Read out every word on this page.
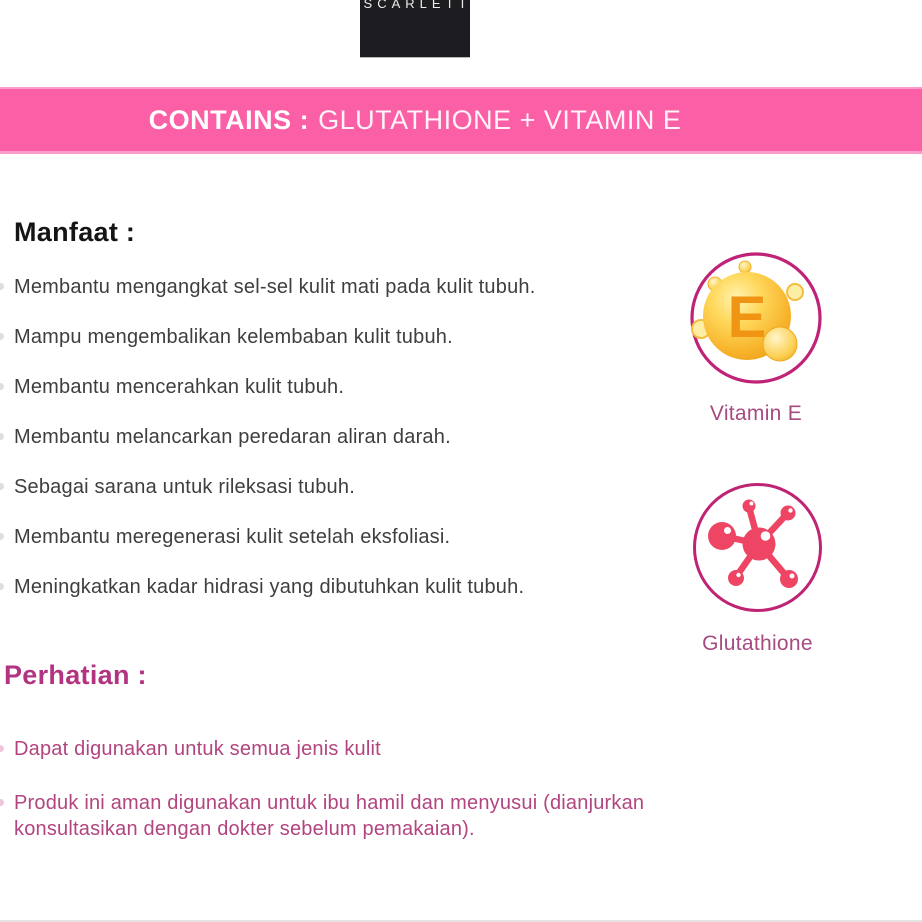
SCARLETT
CONTAINS : GLUTATHIONE + VITAMIN E
Manfaat :
Membantu mengangkat sel-sel kulit mati pada kulit tubuh.
Mampu mengembalikan kelembaban kulit tubuh.
Membantu mencerahkan kulit tubuh.
Membantu melancarkan peredaran aliran darah.
Sebagai sarana untuk rileksasi tubuh.
Membantu meregenerasi kulit setelah eksfoliasi.
Meningkatkan kadar hidrasi yang dibutuhkan kulit tubuh.
E
Vitamin E
Glutathione
Perhatian :
Dapat digunakan untuk semua jenis kulit
Produk ini aman digunakan untuk ibu hamil dan menyusui (dianjurkan konsultasikan dengan dokter sebelum pemakaian).
